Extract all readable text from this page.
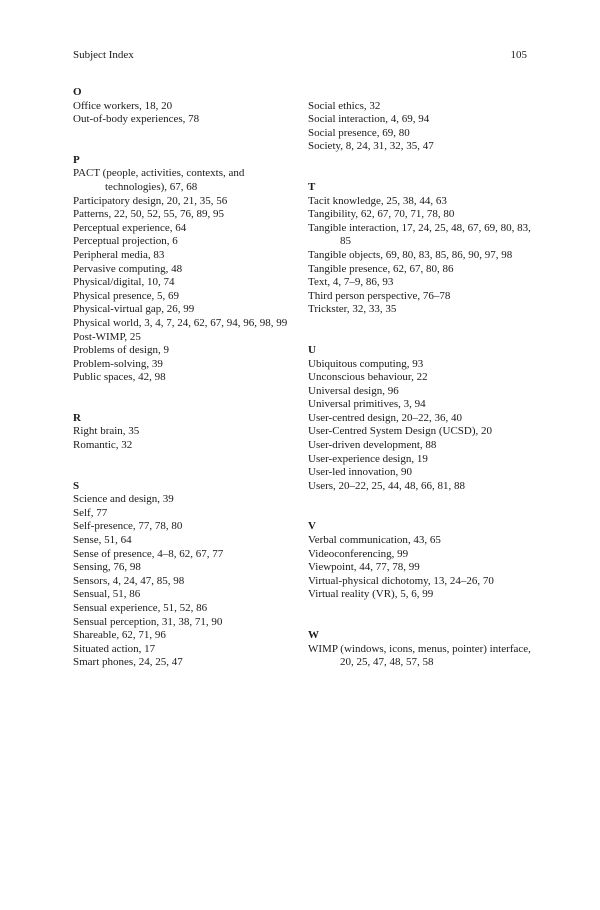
Subject Index	105
O
Office workers, 18, 20
Out-of-body experiences, 78
P
PACT (people, activities, contexts, and technologies), 67, 68
Participatory design, 20, 21, 35, 56
Patterns, 22, 50, 52, 55, 76, 89, 95
Perceptual experience, 64
Perceptual projection, 6
Peripheral media, 83
Pervasive computing, 48
Physical/digital, 10, 74
Physical presence, 5, 69
Physical-virtual gap, 26, 99
Physical world, 3, 4, 7, 24, 62, 67, 94, 96, 98, 99
Post-WIMP, 25
Problems of design, 9
Problem-solving, 39
Public spaces, 42, 98
R
Right brain, 35
Romantic, 32
S
Science and design, 39
Self, 77
Self-presence, 77, 78, 80
Sense, 51, 64
Sense of presence, 4–8, 62, 67, 77
Sensing, 76, 98
Sensors, 4, 24, 47, 85, 98
Sensual, 51, 86
Sensual experience, 51, 52, 86
Sensual perception, 31, 38, 71, 90
Shareable, 62, 71, 96
Situated action, 17
Smart phones, 24, 25, 47
Social ethics, 32
Social interaction, 4, 69, 94
Social presence, 69, 80
Society, 8, 24, 31, 32, 35, 47
T
Tacit knowledge, 25, 38, 44, 63
Tangibility, 62, 67, 70, 71, 78, 80
Tangible interaction, 17, 24, 25, 48, 67, 69, 80, 83, 85
Tangible objects, 69, 80, 83, 85, 86, 90, 97, 98
Tangible presence, 62, 67, 80, 86
Text, 4, 7–9, 86, 93
Third person perspective, 76–78
Trickster, 32, 33, 35
U
Ubiquitous computing, 93
Unconscious behaviour, 22
Universal design, 96
Universal primitives, 3, 94
User-centred design, 20–22, 36, 40
User-Centred System Design (UCSD), 20
User-driven development, 88
User-experience design, 19
User-led innovation, 90
Users, 20–22, 25, 44, 48, 66, 81, 88
V
Verbal communication, 43, 65
Videoconferencing, 99
Viewpoint, 44, 77, 78, 99
Virtual-physical dichotomy, 13, 24–26, 70
Virtual reality (VR), 5, 6, 99
W
WIMP (windows, icons, menus, pointer) interface, 20, 25, 47, 48, 57, 58
